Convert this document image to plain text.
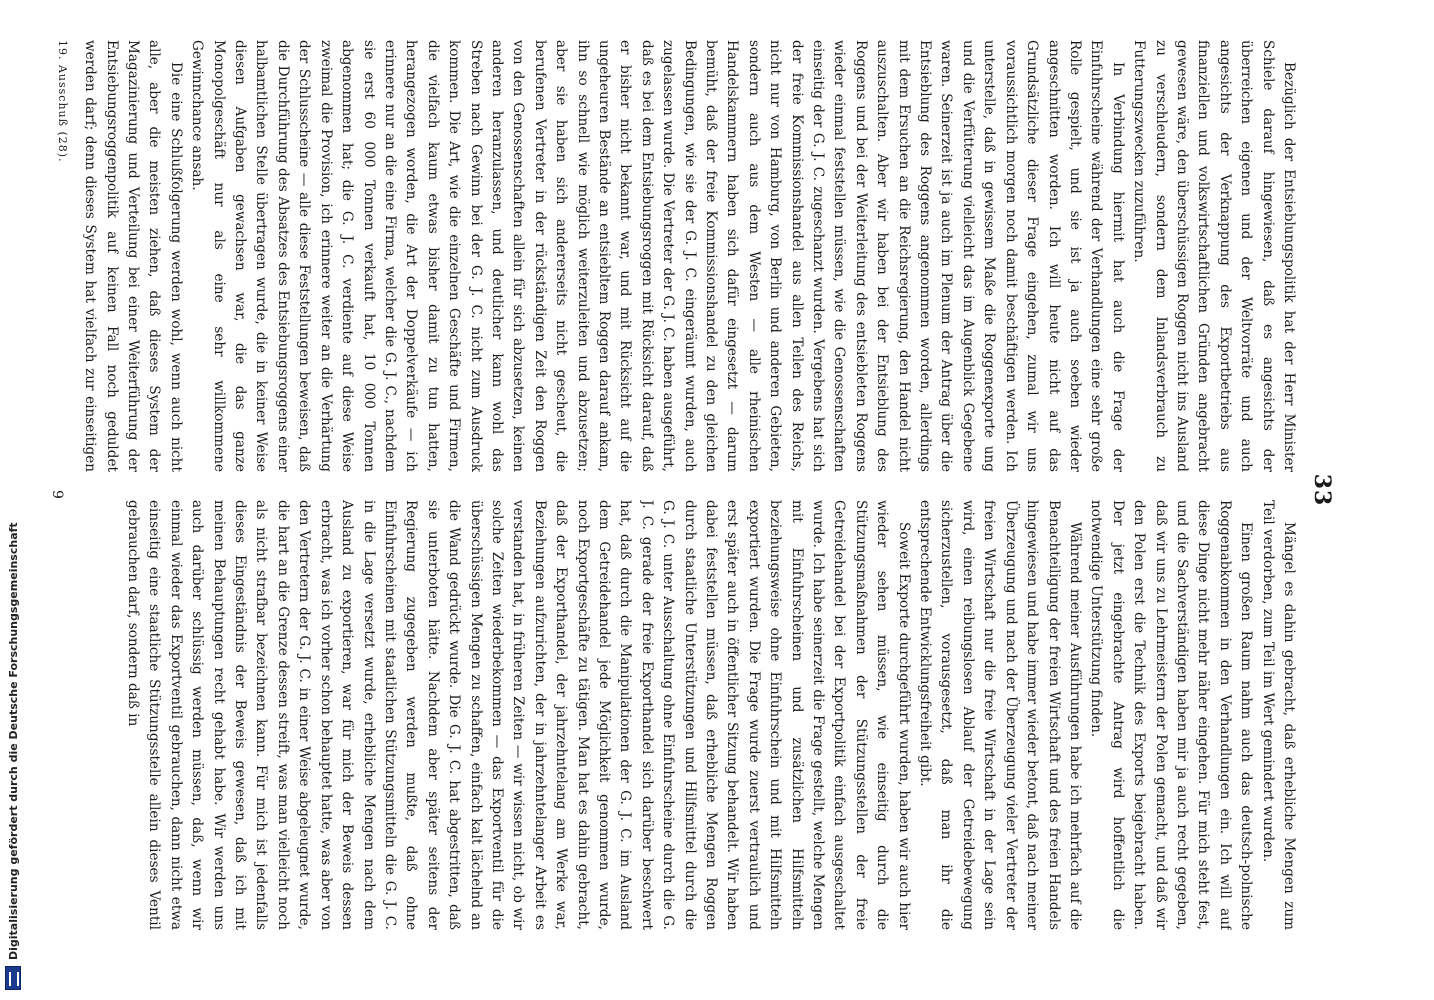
33

Bezüglich der Entsieblungspolitik hat der Herr Minister Schiele darauf hingewiesen, daß es angesichts der überreichen eigenen und der Weltvorräte und auch angesichts der Verknappung des Exportbetriebs aus finanziellen und volkswirtschaftlichen Gründen angebracht gewesen wäre, den überschüssigen Roggen nicht ins Ausland zu verschleudern, sondern dem Inlandsverbrauch zu Futterungszwecken zuzuführen.

In Verbindung hiermit hat auch die Frage der Einfuhrscheine während der Verhandlungen eine sehr große Rolle gespielt, und sie ist ja auch soeben wieder angeschnitten worden. Ich will heute nicht auf das Grundsätzliche dieser Frage eingehen, zumal wir uns voraussichtlich morgen noch damit beschäftigen werden. Ich unterstelle, daß in gewissem Maße die Roggenexporte ung und die Verfütterung vielleicht das im Augenblick Gegebene waren. Seinerzeit ist ja auch im Plenum der Antrag über die Entsieblung des Roggens angenommen worden, allerdings mit dem Ersuchen an die Reichsregierung, den Handel nicht auszuschalten. Aber wir haben bei der Entsieblung des Roggens und bei der Weiterleitung des entsiebleten Roggens wieder einmal feststellen müssen, wie die Genossenschaften einseitig der G. J. C. zugeschanzt wurden. Vergebens hat sich der freie Kommissionshandel aus allen Teilen des Reichs, nicht nur von Hamburg, von Berlin und anderen Gebieten, sondern auch aus dem Westen — alle rheinischen Handelskammern haben sich dafür eingesetzt — darum bemüht, daß der freie Kommissionshandel zu den gleichen Bedingungen, wie sie der G. J. C. eingeräumt wurden, auch zugelassen wurde. Die Vertreter der G. J. C. haben ausgeführt, daß es bei dem Entsiebungsroggen mit Rücksicht darauf, daß er bisher nicht bekannt war, und mit Rücksicht auf die ungeheuren Bestände an entsiebltem Roggen darauf ankam, ihn so schnell wie möglich weiterzuleiten und abzusetzen; aber sie haben sich andererseits nicht gescheut, die berufenen Vertreter in der rückständigen Zeit den Roggen von den Genossenschaften allein für sich abzusetzen, keinen anderen heranzulassen, und deutlicher kann wohl das Streben nach Gewinn bei der G. J. C. nicht zum Ausdruck kommen. Die Art, wie die einzelnen Geschäfte und Firmen, die vielfach kaum etwas bisher damit zu tun hatten, herangezogen worden, die Art der Doppelverkäufe — ich erinnere nur an die eine Firma, welcher die G. J. C., nachdem sie erst 60 000 Tonnen verkauft hat, 10 000 Tonnen abgenommen hat; die G. J. C. verdiente auf diese Weise zweimal die Provision, ich erinnere weiter an die Verhärtung der Schlusscheine — alle diese Feststellungen beweisen, daß die Durchführung des Absatzes des Entsiebungsroggens einer halbamtlichen Stelle übertragen wurde, die in keiner Weise diesen Aufgaben gewachsen war, die das ganze Monopolgeschäft nur als eine sehr willkommene Gewinnchance ansah.

Die eine Schlußfolgerung werden wohl, wenn auch nicht alle, aber die meisten ziehen, daß dieses System der Magazinierung und Verteilung bei einer Weiterführung der Entsiebungsroggenpolitik auf keinen Fall noch geduldet werden darf; denn dieses System hat vielfach zur einseitigen

Mängel es dahin gebracht, daß erhebliche Mengen zum Teil verdorben, zum Teil im Wert gemindert wurden.

Einen großen Raum nahm auch das deutsch-polnische Roggenabkommen in den Verhandlungen ein. Ich will auf diese Dinge nicht mehr näher eingehen. Für mich steht fest, und die Sachverständigen haben mir ja auch recht gegeben, daß wir uns zu Lehrmeistern der Polen gemacht, und daß wir den Polen erst die Technik des Exports beigebracht haben. Der jetzt eingebrachte Antrag wird hoffentlich die notwendige Unterstützung finden.

Während meiner Ausführungen habe ich mehrfach auf die Benachteiligung der freien Wirtschaft und des freien Handels hingewiesen und habe immer wieder betont, daß nach meiner Überzeugung und nach der Überzeugung vieler Vertreter der freien Wirtschaft nur die freie Wirtschaft in der Lage sein wird, einen reibungslosen Ablauf der Getreidebewegung sicherzustellen, vorausgesetzt, daß man ihr die entsprechende Entwicklungsfreiheit gibt.

Soweit Exporte durchgeführt wurden, haben wir auch hier wieder sehen müssen, wie einseitig durch die Stützungsmaßnahmen der Stützungsstellen der freie Getreidehandel bei der Exportpolitik einfach ausgeschaltet wurde. Ich habe seinerzeit die Frage gestellt, welche Mengen mit Einfuhrscheinen und zusätzlichen Hilfsmitteln beziehungsweise ohne Einfuhrschein und mit Hilfsmitteln exportiert wurden. Die Frage wurde zuerst vertraulich und erst später auch in öffentlicher Sitzung behandelt. Wir haben dabei feststellen müssen, daß erhebliche Mengen Roggen durch staatliche Unterstützungen und Hilfsmittel durch die G. J. C. unter Ausschaltung ohne Einfuhrscheine durch die G. J. C. gerade der freie Exporthandel sich darüber beschwert hat, daß durch die Manipulationen der G. J. C. im Ausland dem Getreidehandel jede Möglichkeit genommen wurde, noch Exportgeschäfte zu tätigen. Man hat es dahin gebracht, daß der Exporthandel, der jahrzehntelang am Werke war, Beziehungen aufzurichten, der in jahrzehntelanger Arbeit es verstanden hat, in früheren Zeiten — wir wissen nicht, ob wir solche Zeiten wiederbekommen — das Exportventil für die überschüssigen Mengen zu schaffen, einfach kalt lächelnd an die Wand gedrückt wurde. Die G. J. C. hat abgestritten, daß sie unterboten hätte. Nachdem aber später seitens der Regierung zugegeben werden mußte, daß ohne Einfuhrscheinen mit staatlichen Stützungsmitteln die G. J. C. in die Lage versetzt wurde, erhebliche Mengen nach dem Ausland zu exportieren, war für mich der Beweis dessen erbracht, was ich vorher schon behauptet hatte, was aber von den Vertretern der G. J. C. in einer Weise abgeleugnet wurde, die hart an die Grenze dessen streift, was man vielleicht noch als nicht strafbar bezeichnen kann. Für mich ist jedenfalls dieses Eingeständnis der Beweis gewesen, daß ich mit meinen Behauptungen recht gehabt habe. Wir werden uns auch darüber schlüssig werden müssen, daß, wenn wir einmal wieder das Exportventil gebrauchen, dann nicht etwa einseitig eine staatliche Stützungsstelle allein dieses Ventil gebrauchen darf, sondern daß in

19. Ausschuß (28).
9
Digitalisierung gefördert durch die Deutsche Forschungsgemeinschaft
